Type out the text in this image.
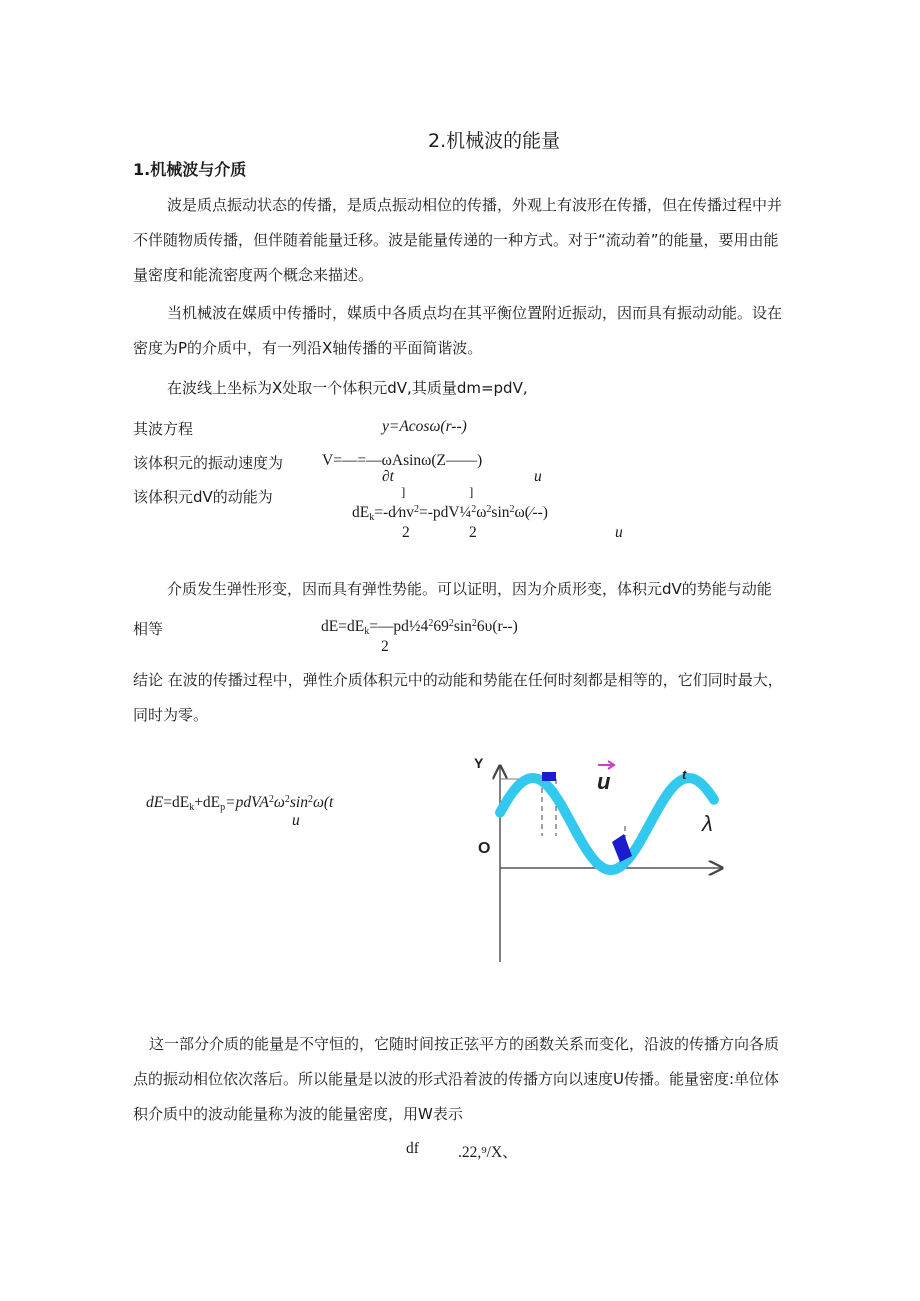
2.机械波的能量
1.机械波与介质
波是质点振动状态的传播，是质点振动相位的传播，外观上有波形在传播，但在传播过程中并不伴随物质传播，但伴随着能量迁移。波是能量传递的一种方式。对于“流动着”的能量，要用由能量密度和能流密度两个概念来描述。
当机械波在媒质中传播时，媒质中各质点均在其平衡位置附近振动，因而具有振动动能。设在密度为P的介质中，有一列沿X轴传播的平面简谐波。
在波线上坐标为X处取一个体积元dV,其质量dm=pdV,
其波方程	y=Acosω(r--)
该体积元的振动速度为	V=—=—ωAsinω(Z——)
∂t	u
该体积元dV的动能为	]	]
$dE_k=-d∕nv^2=-pdV\frac{1}{4}^2\omega^2\sin^2\omega(∕--)$
2	2	u
介质发生弹性形变，因而具有弹性势能。可以证明，因为介质形变，体积元dV的势能与动能
相等	$dE=dE_k=—pd\frac{1}{2}4^269^2\sin^26\upsilon(r--)$
2
结论 在波的传播过程中，弹性介质体积元中的动能和势能在任何时刻都是相等的，它们同时最大，同时为零。
$dE=dE_k+dE_p=pdVA^2\omega^2\sin^2\omega(t$
u
Y
O
u	t
λ
这一部分介质的能量是不守恒的，它随时间按正弦平方的函数关系而变化，沿波的传播方向各质点的振动相位依次落后。所以能量是以波的形式沿着波的传播方向以速度U传播。能量密度:单位体积介质中的波动能量称为波的能量密度，用W表示
df	.22,⁹/X、
